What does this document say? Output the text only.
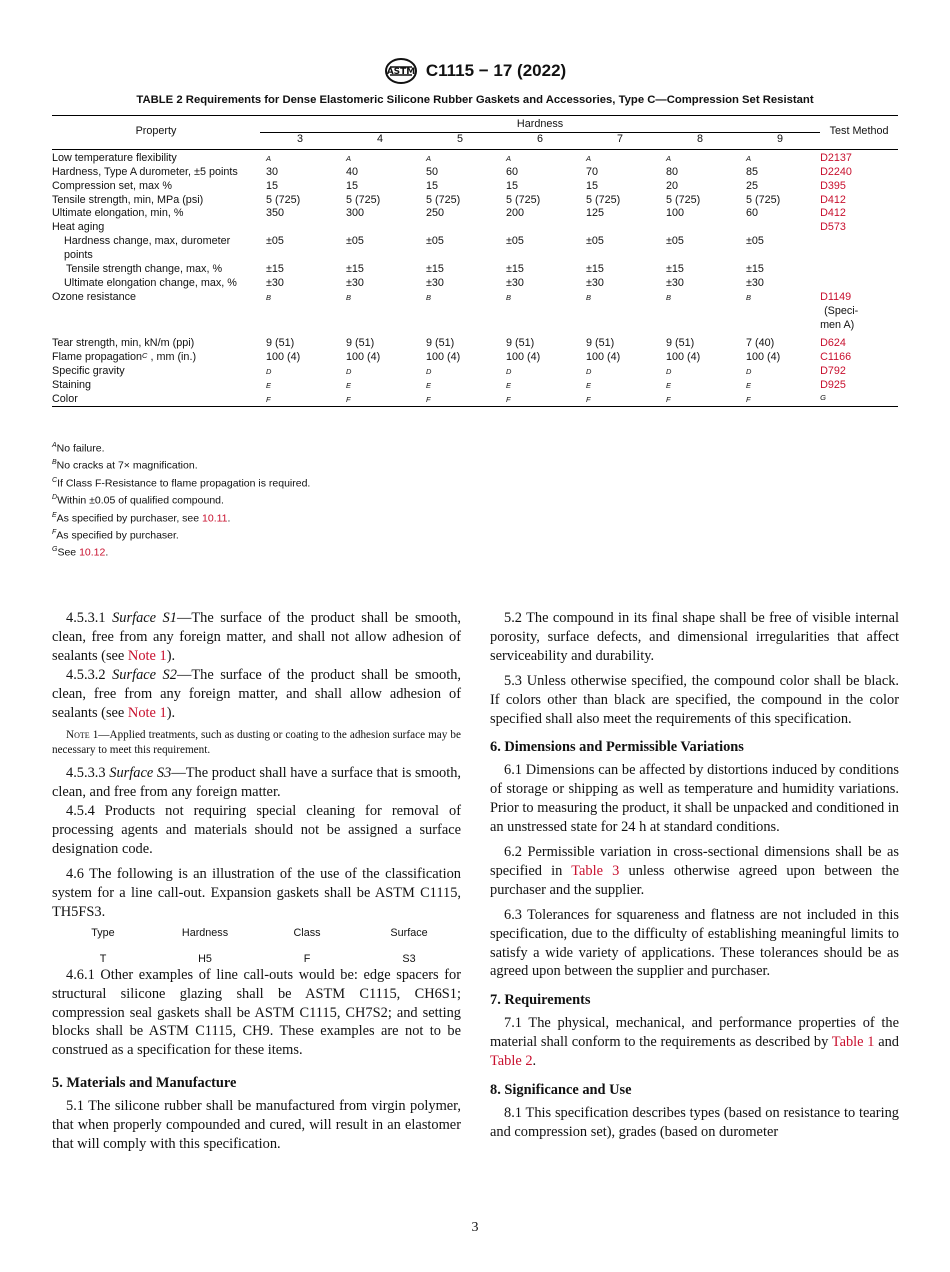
ASTM C1115 − 17 (2022)
TABLE 2 Requirements for Dense Elastomeric Silicone Rubber Gaskets and Accessories, Type C—Compression Set Resistant
Property	Hardness							Test Method
	3	4	5	6	7	8	9	
Low temperature flexibility	A	A	A	A	A	A	A	D2137
Hardness, Type A durometer, ±5 points	30	40	50	60	70	80	85	D2240
Compression set, max %	15	15	15	15	15	20	25	D395
Tensile strength, min, MPa (psi)	5 (725)	5 (725)	5 (725)	5 (725)	5 (725)	5 (725)	5 (725)	D412
Ultimate elongation, min, %	350	300	250	200	125	100	60	D412
Heat aging								D573
Hardness change, max, durometer points	±05	±05	±05	±05	±05	±05	±05	
Tensile strength change, max, %	±15	±15	±15	±15	±15	±15	±15	
Ultimate elongation change, max, %	±30	±30	±30	±30	±30	±30	±30	
Ozone resistance	B	B	B	B	B	B	B	D1149
(Speci-
men A)

Tear strength, min, kN/m (ppi)	9 (51)	9 (51)	9 (51)	9 (51)	9 (51)	9 (51)	7 (40)	D624
Flame propagation$^C$ , mm (in.)	100 (4)	100 (4)	100 (4)	100 (4)	100 (4)	100 (4)	100 (4)	C1166
Specific gravity	D	D	D	D	D	D	D	D792
Staining	E	E	E	E	E	E	E	D925
Color	F	F	F	F	F	F	F	$^G$
$^A$No failure.
$^B$No cracks at 7× magnification.
$^C$If Class F-Resistance to flame propagation is required.
$^D$Within ±0.05 of qualified compound.
$^E$As specified by purchaser, see 10.11.
$^F$As specified by purchaser.
$^G$See 10.12.

4.5.3.1 Surface S1—The surface of the product shall be smooth, clean, free from any foreign matter, and shall not allow adhesion of sealants (see Note 1).

4.5.3.2 Surface S2—The surface of the product shall be smooth, clean, free from any foreign matter, and shall allow adhesion of sealants (see Note 1).

Note 1—Applied treatments, such as dusting or coating to the adhesion surface may be necessary to meet this requirement.

4.5.3.3 Surface S3—The product shall have a surface that is smooth, clean, and free from any foreign matter.

4.5.4 Products not requiring special cleaning for removal of processing agents and materials should not be assigned a surface designation code.

4.6 The following is an illustration of the use of the classification system for a line call-out. Expansion gaskets shall be ASTM C1115, TH5FS3.

Type	Hardness	Class	Surface
T	H5	F	S3

4.6.1 Other examples of line call-outs would be: edge spacers for structural silicone glazing shall be ASTM C1115, CH6S1; compression seal gaskets shall be ASTM C1115, CH7S2; and setting blocks shall be ASTM C1115, CH9. These examples are not to be construed as a specification for these items.

5. Materials and Manufacture

5.1 The silicone rubber shall be manufactured from virgin polymer, that when properly compounded and cured, will result in an elastomer that will comply with this specification.

5.2 The compound in its final shape shall be free of visible internal porosity, surface defects, and dimensional irregularities that affect serviceability and durability.

5.3 Unless otherwise specified, the compound color shall be black. If colors other than black are specified, the compound in the color specified shall also meet the requirements of this specification.

6. Dimensions and Permissible Variations

6.1 Dimensions can be affected by distortions induced by conditions of storage or shipping as well as temperature and humidity variations. Prior to measuring the product, it shall be unpacked and conditioned in an unstressed state for 24 h at standard conditions.

6.2 Permissible variation in cross-sectional dimensions shall be as specified in Table 3 unless otherwise agreed upon between the purchaser and the supplier.

6.3 Tolerances for squareness and flatness are not included in this specification, due to the difficulty of establishing meaningful limits to satisfy a wide variety of applications. These tolerances should be as agreed upon between the supplier and purchaser.

7. Requirements

7.1 The physical, mechanical, and performance properties of the material shall conform to the requirements as described by Table 1 and Table 2.

8. Significance and Use

8.1 This specification describes types (based on resistance to tearing and compression set), grades (based on durometer

3
